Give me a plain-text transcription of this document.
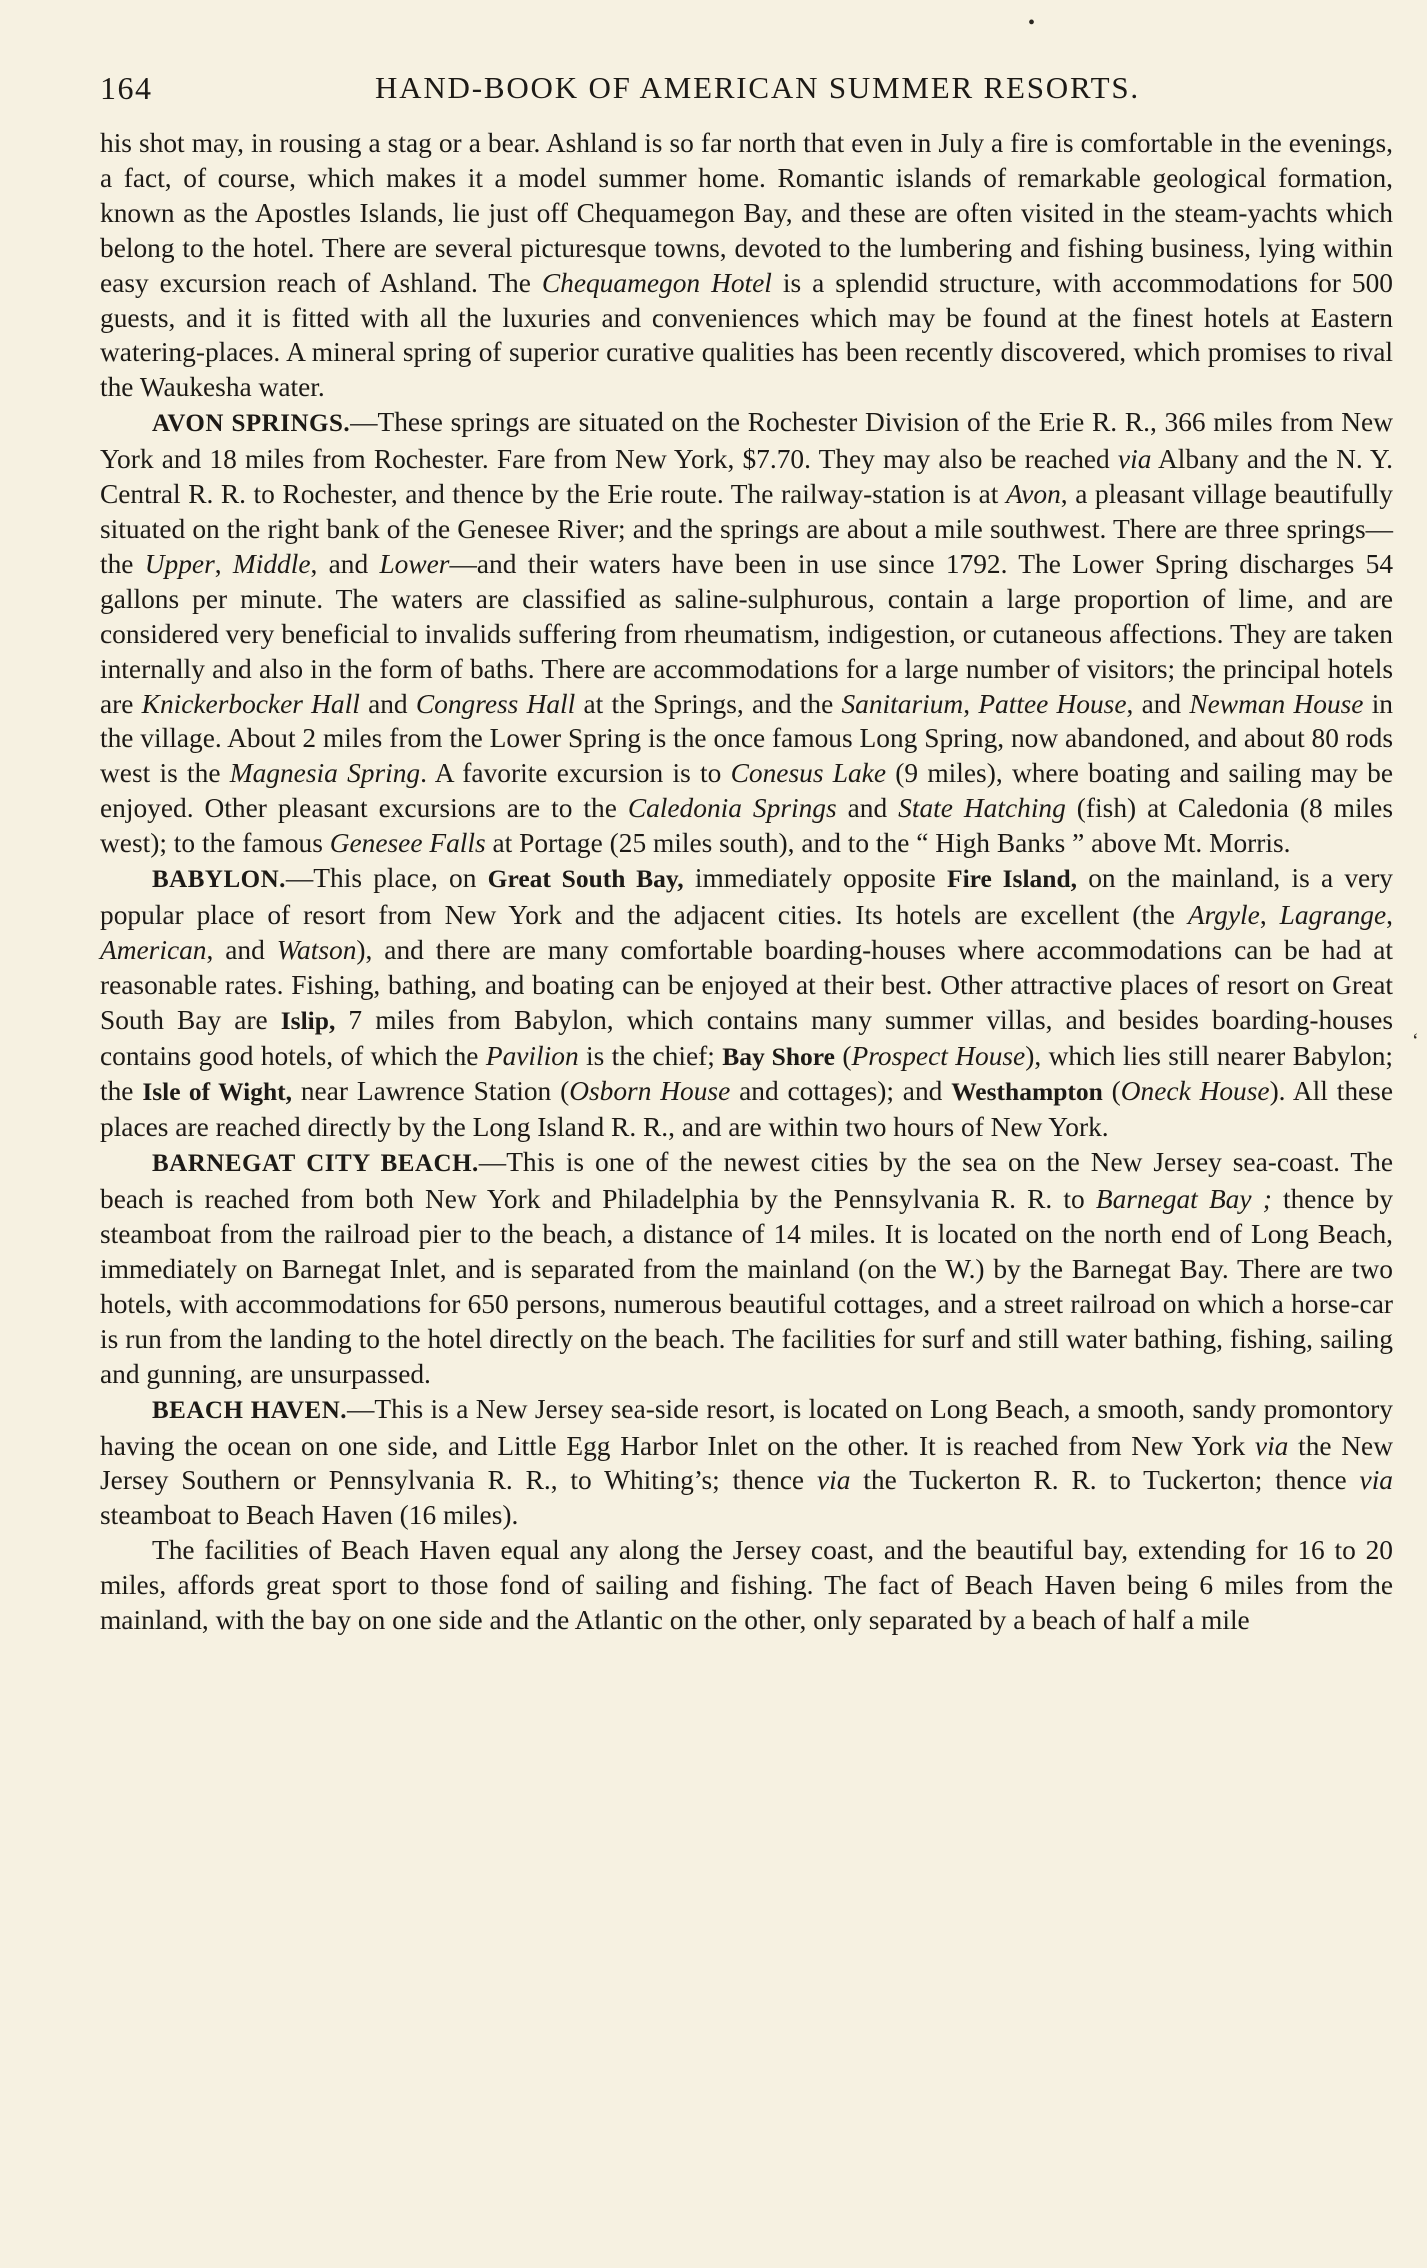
164	HAND-BOOK OF AMERICAN SUMMER RESORTS.

his shot may, in rousing a stag or a bear. Ashland is so far north that even in July a fire is comfortable in the evenings, a fact, of course, which makes it a model summer home. Romantic islands of remarkable geological formation, known as the Apostles Islands, lie just off Chequamegon Bay, and these are often visited in the steam-yachts which belong to the hotel. There are several picturesque towns, devoted to the lumbering and fishing business, lying within easy excursion reach of Ashland. The Chequamegon Hotel is a splendid structure, with accommodations for 500 guests, and it is fitted with all the luxuries and conveniences which may be found at the finest hotels at Eastern watering-places. A mineral spring of superior curative qualities has been recently discovered, which promises to rival the Waukesha water.

AVON SPRINGS.—These springs are situated on the Rochester Division of the Erie R. R., 366 miles from New York and 18 miles from Rochester. Fare from New York, $7.70. They may also be reached via Albany and the N. Y. Central R. R. to Rochester, and thence by the Erie route. The railway-station is at Avon, a pleasant village beautifully situated on the right bank of the Genesee River; and the springs are about a mile southwest. There are three springs—the Upper, Middle, and Lower—and their waters have been in use since 1792. The Lower Spring discharges 54 gallons per minute. The waters are classified as saline-sulphurous, contain a large proportion of lime, and are considered very beneficial to invalids suffering from rheumatism, indigestion, or cutaneous affections. They are taken internally and also in the form of baths. There are accommodations for a large number of visitors; the principal hotels are Knickerbocker Hall and Congress Hall at the Springs, and the Sanitarium, Pattee House, and Newman House in the village. About 2 miles from the Lower Spring is the once famous Long Spring, now abandoned, and about 80 rods west is the Magnesia Spring. A favorite excursion is to Conesus Lake (9 miles), where boating and sailing may be enjoyed. Other pleasant excursions are to the Caledonia Springs and State Hatching (fish) at Caledonia (8 miles west); to the famous Genesee Falls at Portage (25 miles south), and to the “ High Banks ” above Mt. Morris.

BABYLON.—This place, on Great South Bay, immediately opposite Fire Island, on the mainland, is a very popular place of resort from New York and the adjacent cities. Its hotels are excellent (the Argyle, Lagrange, American, and Watson), and there are many comfortable boarding-houses where accommodations can be had at reasonable rates. Fishing, bathing, and boating can be enjoyed at their best. Other attractive places of resort on Great South Bay are Islip, 7 miles from Babylon, which contains many summer villas, and besides boarding-houses contains good hotels, of which the Pavilion is the chief; Bay Shore (Prospect House), which lies still nearer Babylon; the Isle of Wight, near Lawrence Station (Osborn House and cottages); and Westhampton (Oneck House). All these places are reached directly by the Long Island R. R., and are within two hours of New York.

BARNEGAT CITY BEACH.—This is one of the newest cities by the sea on the New Jersey sea-coast. The beach is reached from both New York and Philadelphia by the Pennsylvania R. R. to Barnegat Bay ; thence by steamboat from the railroad pier to the beach, a distance of 14 miles. It is located on the north end of Long Beach, immediately on Barnegat Inlet, and is separated from the mainland (on the W.) by the Barnegat Bay. There are two hotels, with accommodations for 650 persons, numerous beautiful cottages, and a street railroad on which a horse-car is run from the landing to the hotel directly on the beach. The facilities for surf and still water bathing, fishing, sailing and gunning, are unsurpassed.

BEACH HAVEN.—This is a New Jersey sea-side resort, is located on Long Beach, a smooth, sandy promontory having the ocean on one side, and Little Egg Harbor Inlet on the other. It is reached from New York via the New Jersey Southern or Pennsylvania R. R., to Whiting’s; thence via the Tuckerton R. R. to Tuckerton; thence via steamboat to Beach Haven (16 miles).

The facilities of Beach Haven equal any along the Jersey coast, and the beautiful bay, extending for 16 to 20 miles, affords great sport to those fond of sailing and fishing. The fact of Beach Haven being 6 miles from the mainland, with the bay on one side and the Atlantic on the other, only separated by a beach of half a mile

•
‘
